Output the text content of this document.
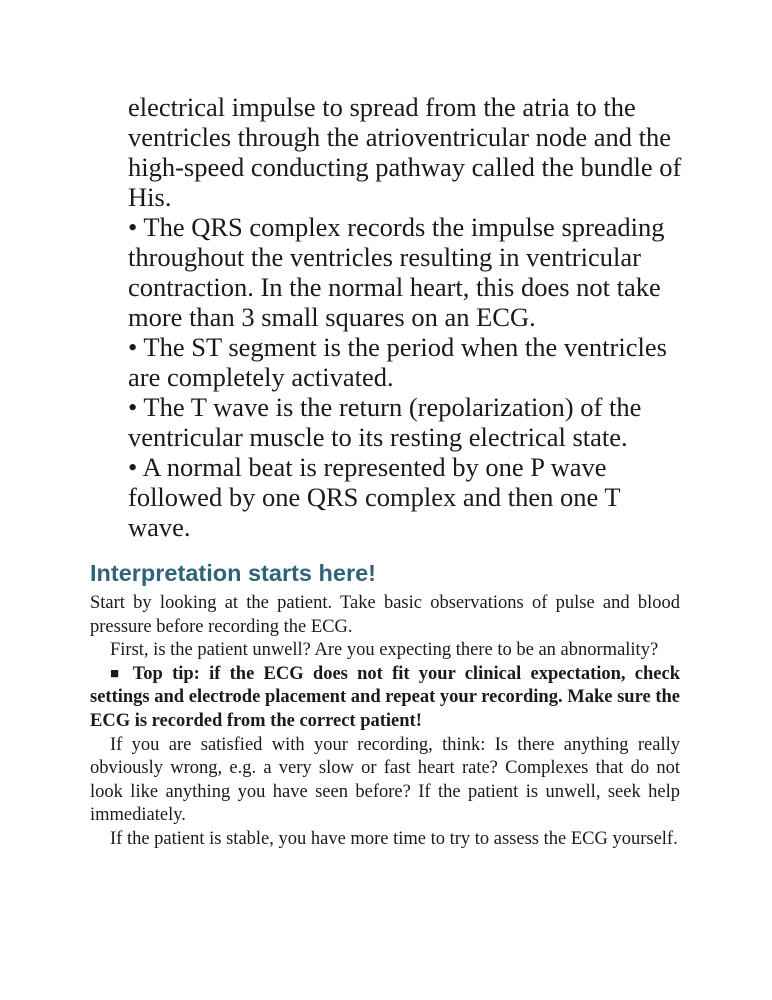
electrical impulse to spread from the atria to the ventricles through the atrioventricular node and the high-speed conducting pathway called the bundle of His.

• The QRS complex records the impulse spreading throughout the ventricles resulting in ventricular contraction. In the normal heart, this does not take more than 3 small squares on an ECG.

• The ST segment is the period when the ventricles are completely activated.

• The T wave is the return (repolarization) of the ventricular muscle to its resting electrical state.

• A normal beat is represented by one P wave followed by one QRS complex and then one T wave.

Interpretation starts here!

Start by looking at the patient. Take basic observations of pulse and blood pressure before recording the ECG.

First, is the patient unwell? Are you expecting there to be an abnormality?

■ Top tip: if the ECG does not fit your clinical expectation, check settings and electrode placement and repeat your recording. Make sure the ECG is recorded from the correct patient!

If you are satisfied with your recording, think: Is there anything really obviously wrong, e.g. a very slow or fast heart rate? Complexes that do not look like anything you have seen before? If the patient is unwell, seek help immediately.

If the patient is stable, you have more time to try to assess the ECG yourself.
